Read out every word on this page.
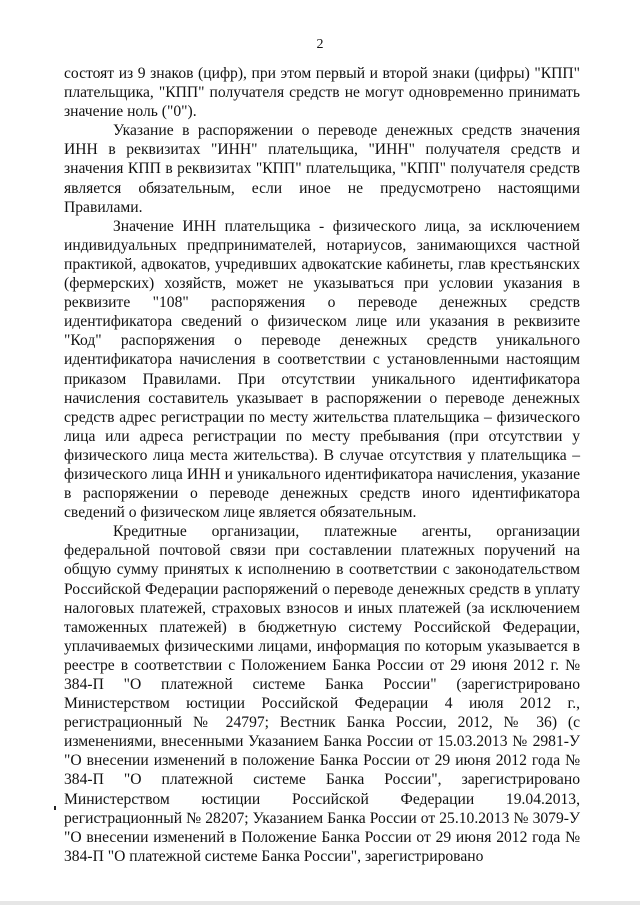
2

состоят из 9 знаков (цифр), при этом первый и второй знаки (цифры) "КПП" плательщика, "КПП" получателя средств не могут одновременно принимать значение ноль ("0").

Указание в распоряжении о переводе денежных средств значения ИНН в реквизитах "ИНН" плательщика, "ИНН" получателя средств и значения КПП в реквизитах "КПП" плательщика, "КПП" получателя средств является обязательным, если иное не предусмотрено настоящими Правилами.

Значение ИНН плательщика - физического лица, за исключением индивидуальных предпринимателей, нотариусов, занимающихся частной практикой, адвокатов, учредивших адвокатские кабинеты, глав крестьянских (фермерских) хозяйств, может не указываться при условии указания в реквизите "108" распоряжения о переводе денежных средств идентификатора сведений о физическом лице или указания в реквизите "Код" распоряжения о переводе денежных средств уникального идентификатора начисления в соответствии с установленными настоящим приказом Правилами. При отсутствии уникального идентификатора начисления составитель указывает в распоряжении о переводе денежных средств адрес регистрации по месту жительства плательщика – физического лица или адреса регистрации по месту пребывания (при отсутствии у физического лица места жительства). В случае отсутствия у плательщика – физического лица ИНН и уникального идентификатора начисления, указание в распоряжении о переводе денежных средств иного идентификатора сведений о физическом лице является обязательным.

Кредитные организации, платежные агенты, организации федеральной почтовой связи при составлении платежных поручений на общую сумму принятых к исполнению в соответствии с законодательством Российской Федерации распоряжений о переводе денежных средств в уплату налоговых платежей, страховых взносов и иных платежей (за исключением таможенных платежей) в бюджетную систему Российской Федерации, уплачиваемых физическими лицами, информация по которым указывается в реестре в соответствии с Положением Банка России от 29 июня 2012 г. № 384-П "О платежной системе Банка России" (зарегистрировано Министерством юстиции Российской Федерации 4 июля 2012 г., регистрационный № 24797; Вестник Банка России, 2012, № 36) (с изменениями, внесенными Указанием Банка России от 15.03.2013 № 2981-У "О внесении изменений в положение Банка России от 29 июня 2012 года № 384-П "О платежной системе Банка России", зарегистрировано Министерством юстиции Российской Федерации 19.04.2013, регистрационный № 28207; Указанием Банка России от 25.10.2013 № 3079-У "О внесении изменений в Положение Банка России от 29 июня 2012 года № 384-П "О платежной системе Банка России", зарегистрировано
